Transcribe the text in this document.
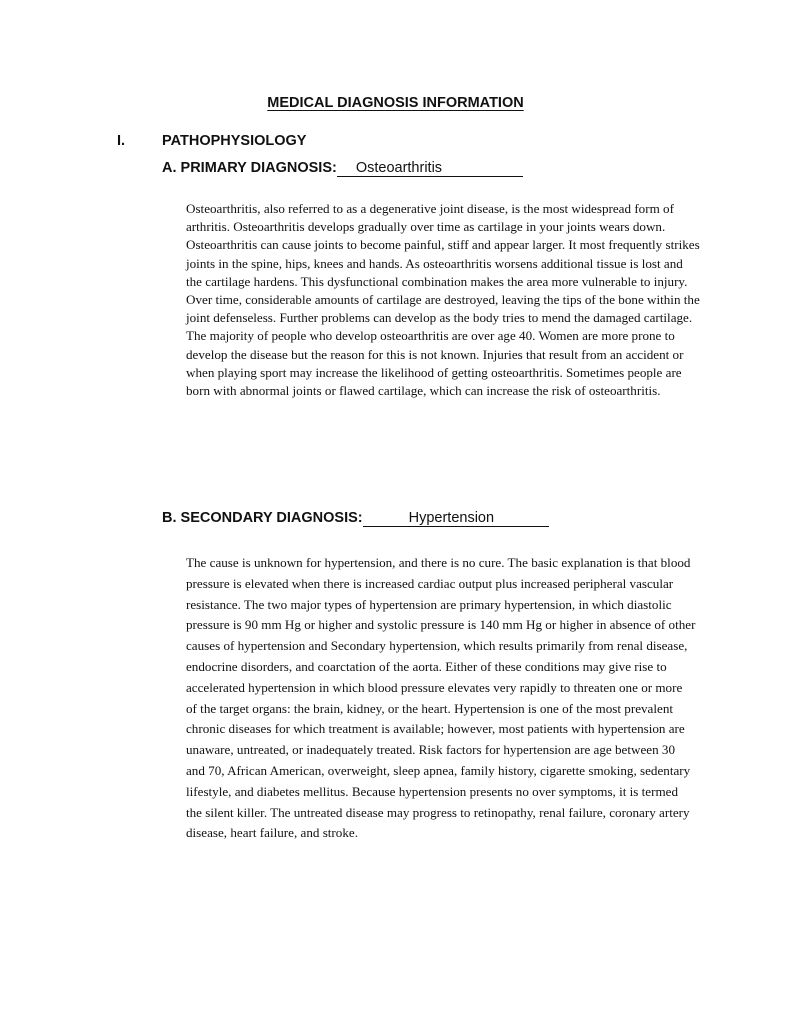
MEDICAL DIAGNOSIS INFORMATION
I.	PATHOPHYSIOLOGY
A. PRIMARY DIAGNOSIS: Osteoarthritis

Osteoarthritis, also referred to as a degenerative joint disease, is the most widespread form of arthritis. Osteoarthritis develops gradually over time as cartilage in your joints wears down. Osteoarthritis can cause joints to become painful, stiff and appear larger. It most frequently strikes joints in the spine, hips, knees and hands. As osteoarthritis worsens additional tissue is lost and the cartilage hardens. This dysfunctional combination makes the area more vulnerable to injury. Over time, considerable amounts of cartilage are destroyed, leaving the tips of the bone within the joint defenseless. Further problems can develop as the body tries to mend the damaged cartilage. The majority of people who develop osteoarthritis are over age 40. Women are more prone to develop the disease but the reason for this is not known. Injuries that result from an accident or when playing sport may increase the likelihood of getting osteoarthritis. Sometimes people are born with abnormal joints or flawed cartilage, which can increase the risk of osteoarthritis.

B. SECONDARY DIAGNOSIS:	Hypertension

The cause is unknown for hypertension, and there is no cure. The basic explanation is that blood pressure is elevated when there is increased cardiac output plus increased peripheral vascular resistance. The two major types of hypertension are primary hypertension, in which diastolic pressure is 90 mm Hg or higher and systolic pressure is 140 mm Hg or higher in absence of other causes of hypertension and Secondary hypertension, which results primarily from renal disease, endocrine disorders, and coarctation of the aorta. Either of these conditions may give rise to accelerated hypertension in which blood pressure elevates very rapidly to threaten one or more of the target organs: the brain, kidney, or the heart. Hypertension is one of the most prevalent chronic diseases for which treatment is available; however, most patients with hypertension are unaware, untreated, or inadequately treated. Risk factors for hypertension are age between 30 and 70, African American, overweight, sleep apnea, family history, cigarette smoking, sedentary lifestyle, and diabetes mellitus. Because hypertension presents no over symptoms, it is termed the silent killer. The untreated disease may progress to retinopathy, renal failure, coronary artery disease, heart failure, and stroke.
